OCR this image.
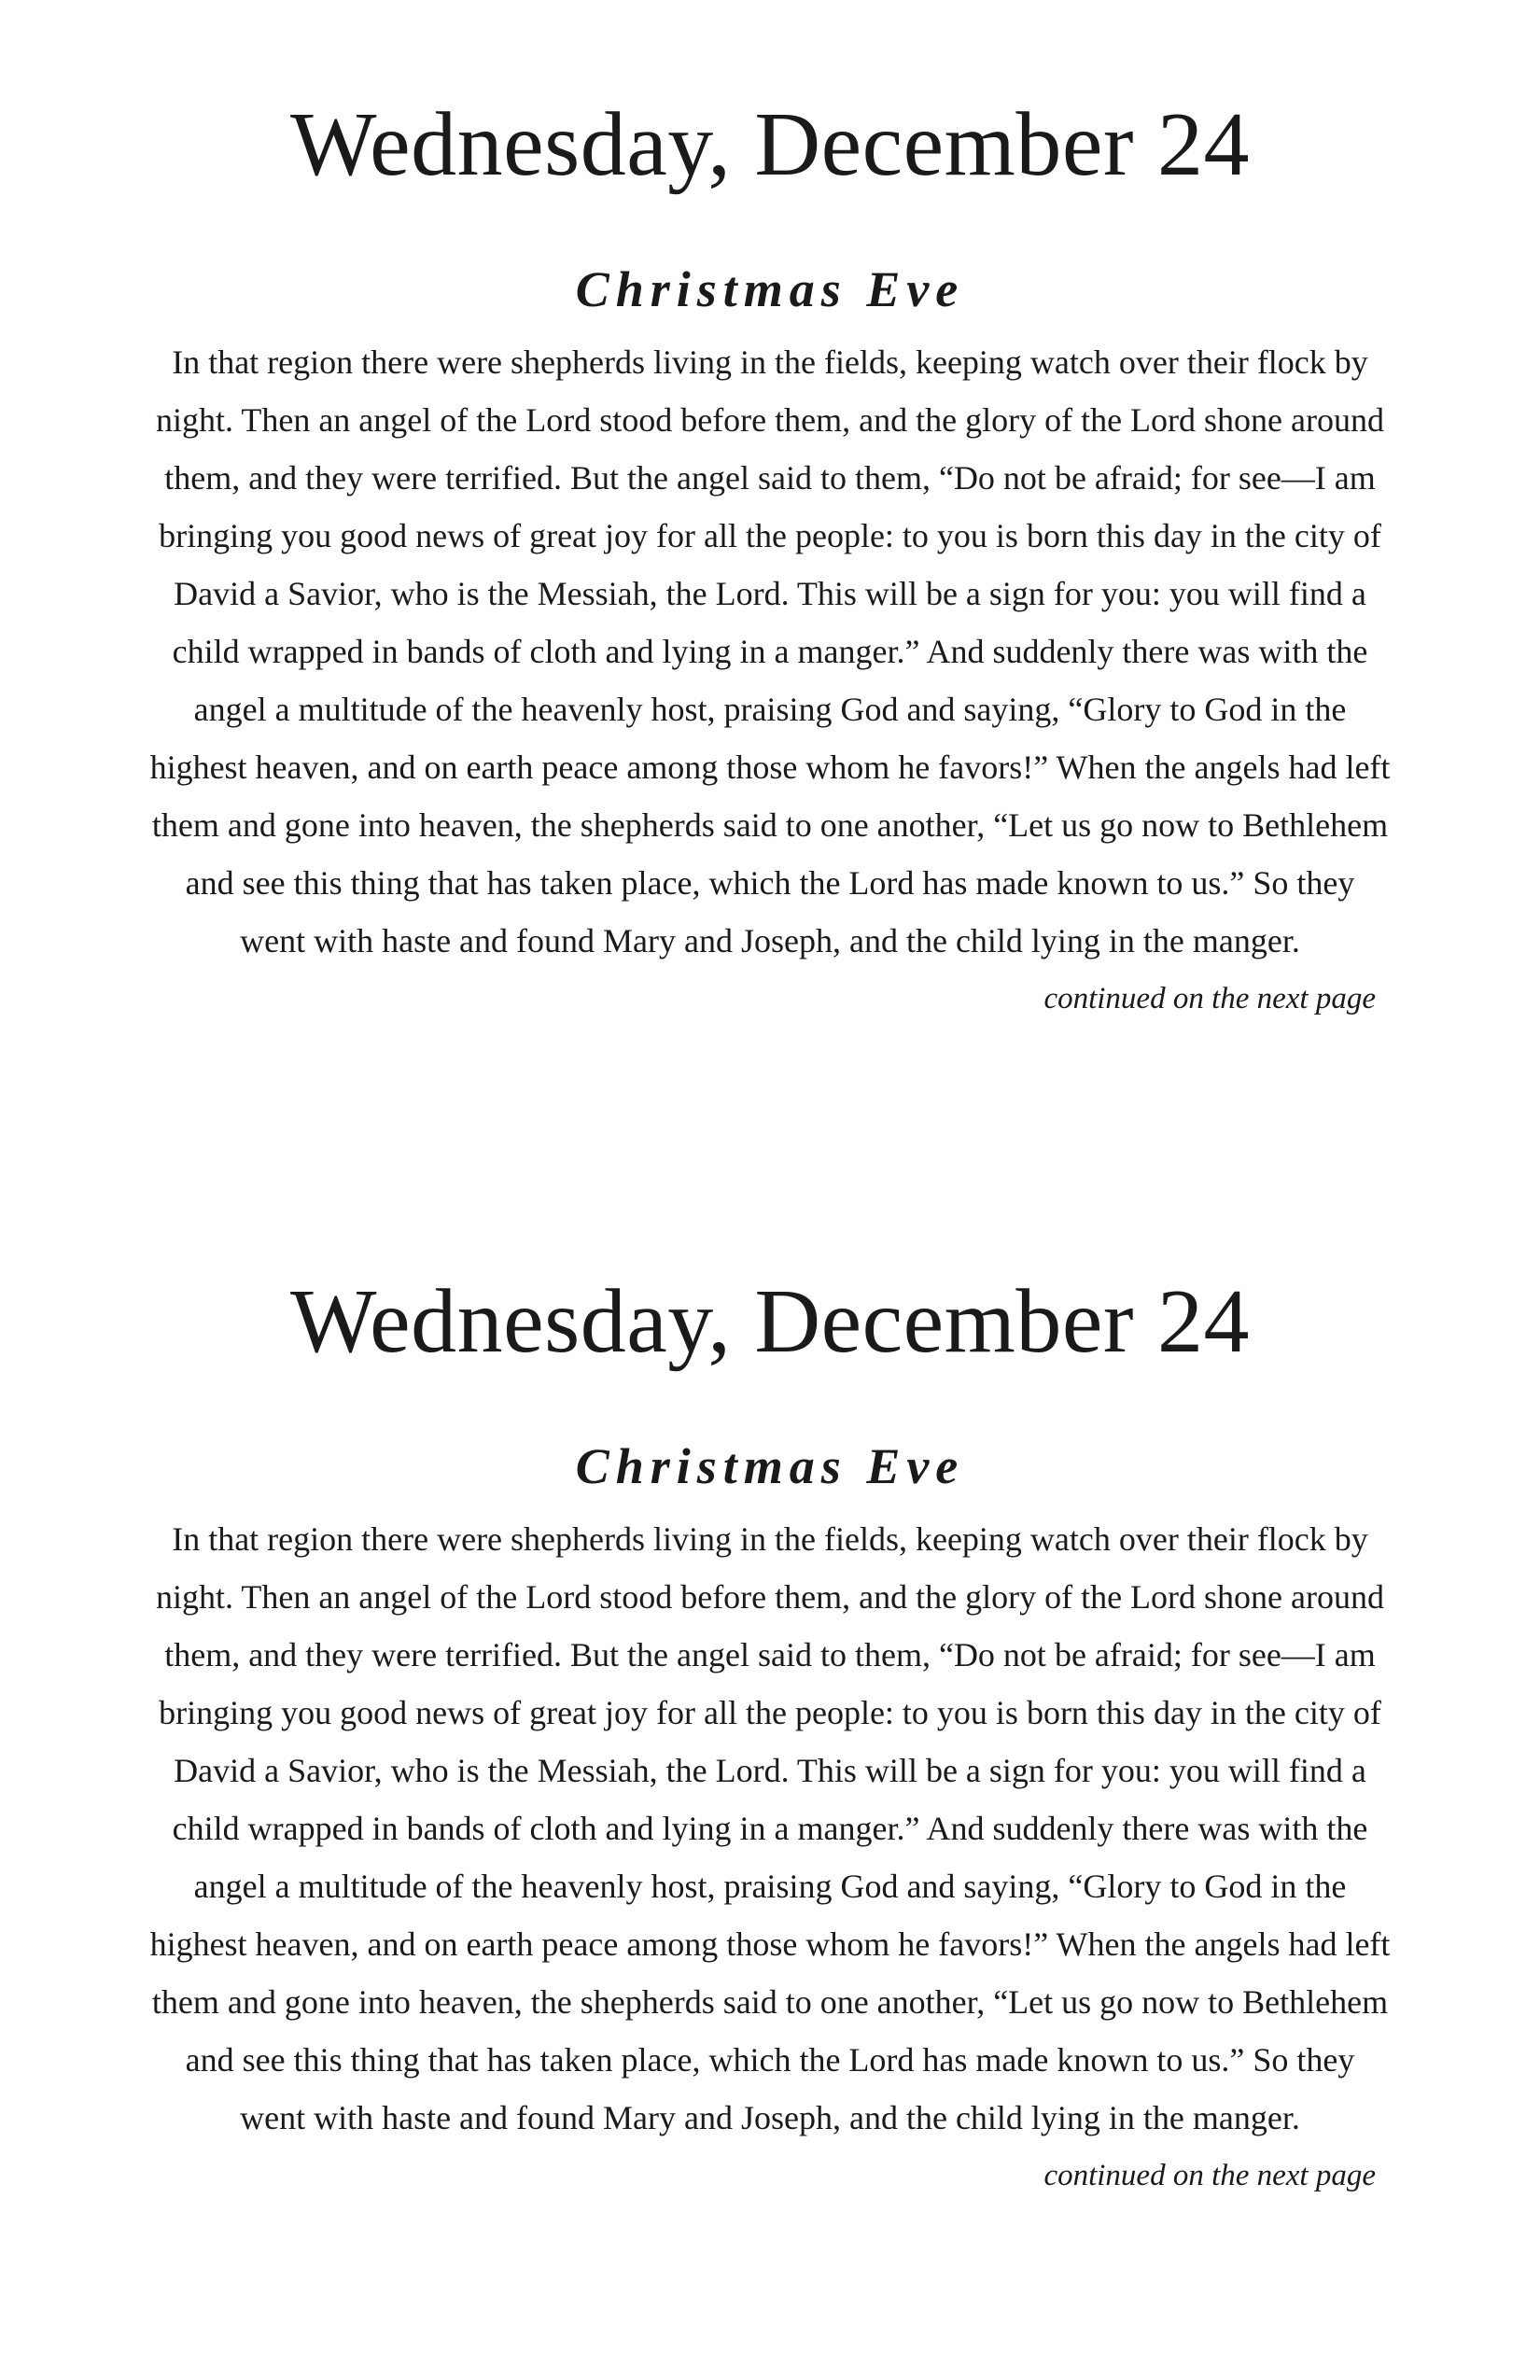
Wednesday, December 24
Christmas Eve

In that region there were shepherds living in the fields, keeping watch over their flock by night. Then an angel of the Lord stood before them, and the glory of the Lord shone around them, and they were terrified. But the angel said to them, “Do not be afraid; for see—I am bringing you good news of great joy for all the people: to you is born this day in the city of David a Savior, who is the Messiah, the Lord. This will be a sign for you: you will find a child wrapped in bands of cloth and lying in a manger.” And suddenly there was with the angel a multitude of the heavenly host, praising God and saying, “Glory to God in the highest heaven, and on earth peace among those whom he favors!” When the angels had left them and gone into heaven, the shepherds said to one another, “Let us go now to Bethlehem and see this thing that has taken place, which the Lord has made known to us.” So they went with haste and found Mary and Joseph, and the child lying in the manger.

continued on the next page
Wednesday, December 24
Christmas Eve

In that region there were shepherds living in the fields, keeping watch over their flock by night. Then an angel of the Lord stood before them, and the glory of the Lord shone around them, and they were terrified. But the angel said to them, “Do not be afraid; for see—I am bringing you good news of great joy for all the people: to you is born this day in the city of David a Savior, who is the Messiah, the Lord. This will be a sign for you: you will find a child wrapped in bands of cloth and lying in a manger.” And suddenly there was with the angel a multitude of the heavenly host, praising God and saying, “Glory to God in the highest heaven, and on earth peace among those whom he favors!” When the angels had left them and gone into heaven, the shepherds said to one another, “Let us go now to Bethlehem and see this thing that has taken place, which the Lord has made known to us.” So they went with haste and found Mary and Joseph, and the child lying in the manger.

continued on the next page
